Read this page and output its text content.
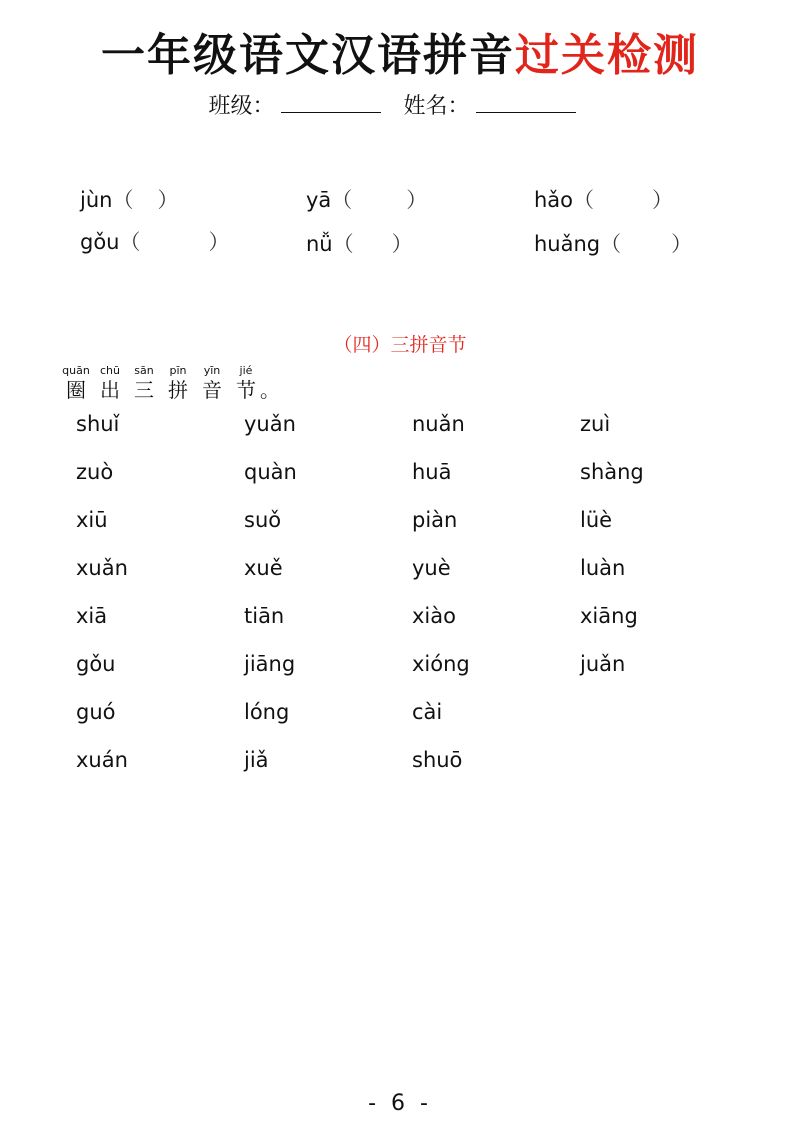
一年级语文汉语拼音过关检测
班级：	姓名：
jùn（ ）	yā（	）	hǎo（	）
gǒu（	）	nǚ（ ）	huǎng（ ）
（四）三拼音节
quān
圈
chū
出
sān
三
pīn
拼
yīn
音
jié
节 。
shuǐ	yuǎn	nuǎn	zuì
zuò	quàn	huā	shàng
xiū	suǒ	piàn	lüè
xuǎn	xuě	yuè	luàn
xiā	tiān	xiào	xiāng
gǒu	jiāng	xióng	juǎn
guó	lóng	cài
xuán	jiǎ	shuō
- 6 -
